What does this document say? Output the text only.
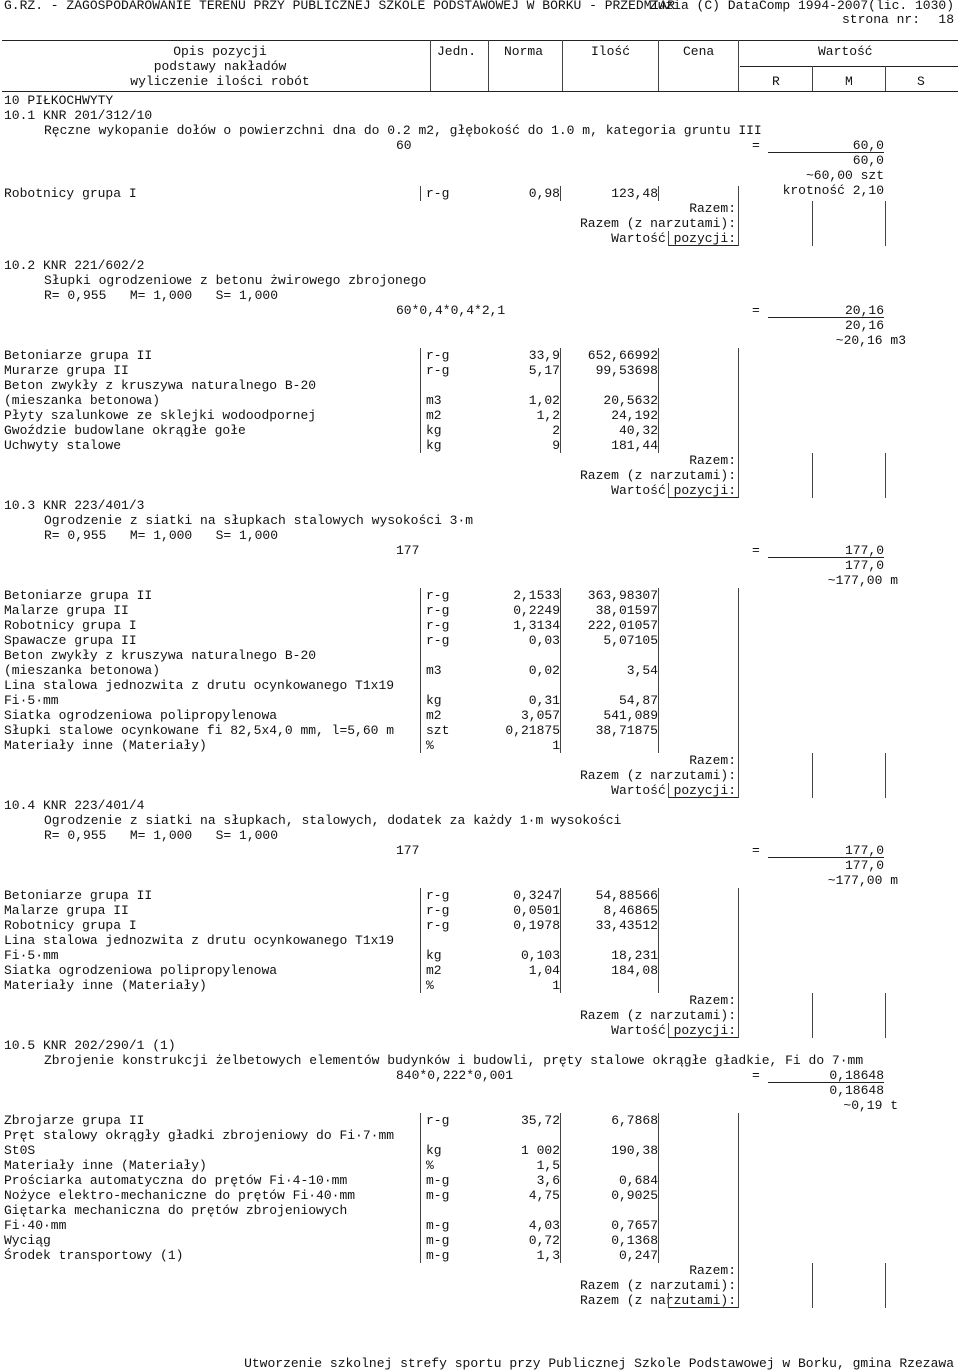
G.RZ. - ZAGOSPODAROWANIE TERENU PRZY PUBLICZNEJ SZKOLE PODSTAWOWEJ W BORKU - PRZEDMIAR
Zuzia (C) DataComp 1994-2007(lic. 1030)
strona nr: 18
Opis pozycji
podstawy nakładów
wyliczenie ilości robót
Jedn. Norma	Ilość	Cena	Wartość
R	M	S
10 PIŁKOCHWYTY
10.1 KNR 201/312/10
Ręczne wykopanie dołów o powierzchni dna do 0.2 m2, głębokość do 1.0 m, kategoria gruntu III
60	=	60,0
60,0
~60,00 szt
krotność 2,10
Robotnicy grupa I	r-g	0,98	123,48
Razem:
Razem (z narzutami):
Wartość pozycji:
10.2 KNR 221/602/2
Słupki ogrodzeniowe z betonu żwirowego zbrojonego
R= 0,955   M= 1,000   S= 1,000
60*0,4*0,4*2,1	=	20,16
20,16
~20,16 m3
Betoniarze grupa II	r-g	33,9 652,66992
Murarze grupa II	r-g	5,17	99,53698
Beton zwykły z kruszywa naturalnego B-20
(mieszanka betonowa)	m3	1,02	20,5632
Płyty szalunkowe ze sklejki wodoodpornej	m2	1,2	24,192
Gwoździe budowlane okrągłe gołe	kg	2	40,32
Uchwyty stalowe	kg	9	181,44
Razem:
Razem (z narzutami):
Wartość pozycji:
10.3 KNR 223/401/3
Ogrodzenie z siatki na słupkach stalowych wysokości 3·m
R= 0,955   M= 1,000   S= 1,000
177	=	177,0
177,0
~177,00 m
Betoniarze grupa II	r-g	2,1533 363,98307
Malarze grupa II	r-g	0,2249	38,01597
Robotnicy grupa I	r-g	1,3134 222,01057
Spawacze grupa II	r-g	0,03	5,07105
Beton zwykły z kruszywa naturalnego B-20
(mieszanka betonowa)	m3	0,02	3,54
Lina stalowa jednozwita z drutu ocynkowanego T1x19
Fi·5·mm	kg	0,31	54,87
Siatka ogrodzeniowa polipropylenowa	m2	3,057	541,089
Słupki stalowe ocynkowane fi 82,5x4,0 mm, l=5,60 m szt	0,21875	38,71875
Materiały inne (Materiały)	%	1
Razem:
Razem (z narzutami):
Wartość pozycji:
10.4 KNR 223/401/4
Ogrodzenie z siatki na słupkach, stalowych, dodatek za każdy 1·m wysokości
R= 0,955   M= 1,000   S= 1,000
177	=	177,0
177,0
~177,00 m
Betoniarze grupa II	r-g	0,3247	54,88566
Malarze grupa II	r-g	0,0501	8,46865
Robotnicy grupa I	r-g	0,1978	33,43512
Lina stalowa jednozwita z drutu ocynkowanego T1x19
Fi·5·mm	kg	0,103	18,231
Siatka ogrodzeniowa polipropylenowa	m2	1,04	184,08
Materiały inne (Materiały)	%	1
Razem:
Razem (z narzutami):
Wartość pozycji:
10.5 KNR 202/290/1 (1)
Zbrojenie konstrukcji żelbetowych elementów budynków i budowli, pręty stalowe okrągłe gładkie, Fi do 7·mm
840*0,222*0,001	=	0,18648
0,18648
~0,19 t
Zbrojarze grupa II	r-g	35,72	6,7868
Pręt stalowy okrągły gładki zbrojeniowy do Fi·7·mm
St0S	kg	1 002	190,38
Materiały inne (Materiały)	%	1,5
Prościarka automatyczna do prętów Fi·4-10·mm	m-g	3,6	0,684
Nożyce elektro-mechaniczne do prętów Fi·40·mm	m-g	4,75	0,9025
Giętarka mechaniczna do prętów zbrojeniowych
Fi·40·mm	m-g	4,03	0,7657
Wyciąg	m-g	0,72	0,1368
Środek transportowy (1)	m-g	1,3	0,247
Razem:
Razem (z narzutami):
Razem (z narzutami):
Utworzenie szkolnej strefy sportu przy Publicznej Szkole Podstawowej w Borku, gmina Rzezawa
